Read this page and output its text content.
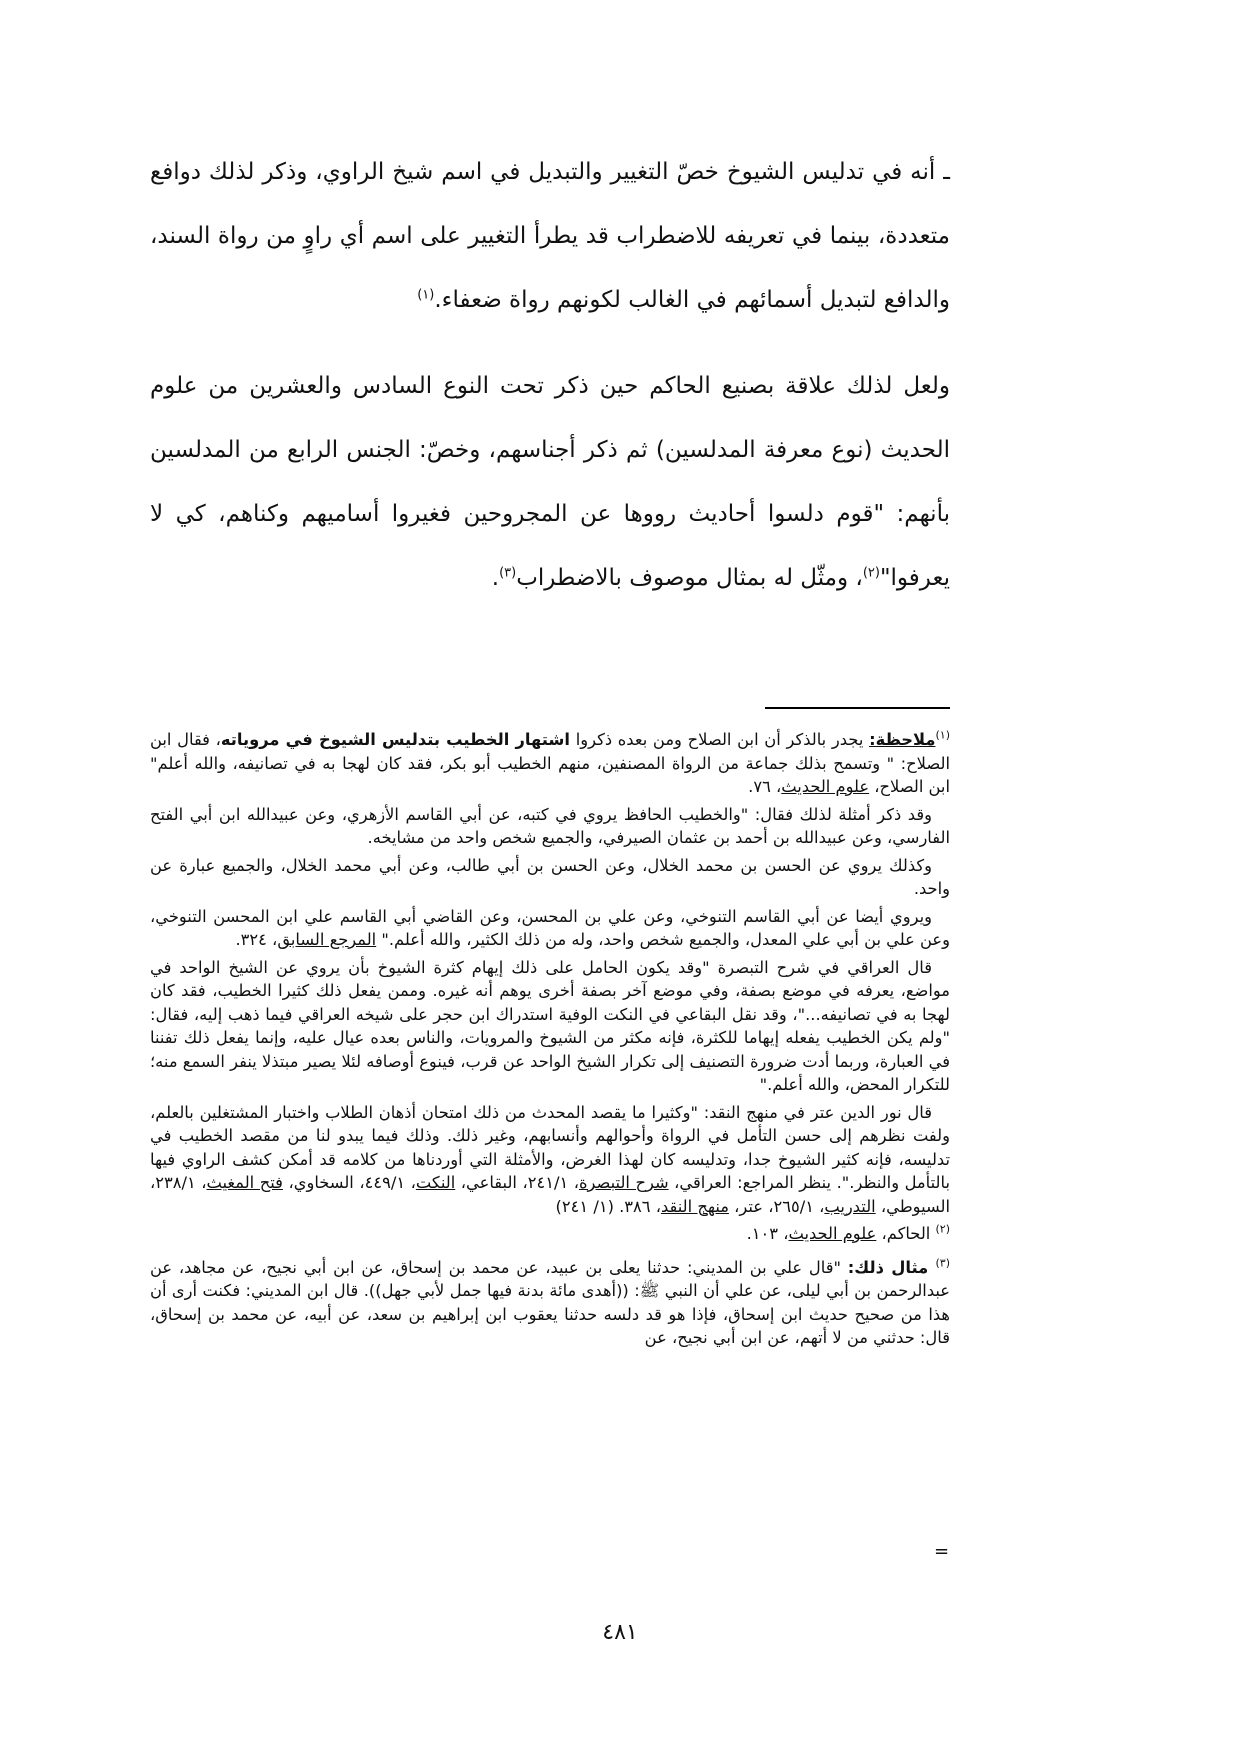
ـ أنه في تدليس الشيوخ خصّ التغيير والتبديل في اسم شيخ الراوي، وذكر لذلك دوافع متعددة، بينما في تعريفه للاضطراب قد يطرأ التغيير على اسم أي راوٍ من رواة السند، والدافع لتبديل أسمائهم في الغالب لكونهم رواة ضعفاء.$^{(١)}$

ولعل لذلك علاقة بصنيع الحاكم حين ذكر تحت النوع السادس والعشرين من علوم الحديث (نوع معرفة المدلسين) ثم ذكر أجناسهم، وخصّ: الجنس الرابع من المدلسين بأنهم: "قوم دلسوا أحاديث رووها عن المجروحين فغيروا أساميهم وكناهم، كي لا يعرفوا"$^{(٢)}$، ومثّل له بمثال موصوف بالاضطراب$^{(٣)}$.

$^{(١)}$ملاحظة: يجدر بالذكر أن ابن الصلاح ومن بعده ذكروا اشتهار الخطيب بتدليس الشيوخ في مروياته، فقال ابن الصلاح: " وتسمح بذلك جماعة من الرواة المصنفين، منهم الخطيب أبو بكر، فقد كان لهجا به في تصانيفه، والله أعلم" ابن الصلاح، علوم الحديث، ٧٦.

وقد ذكر أمثلة لذلك فقال: "والخطيب الحافظ يروي في كتبه، عن أبي القاسم الأزهري، وعن عبيدالله ابن أبي الفتح الفارسي، وعن عبيدالله بن أحمد بن عثمان الصيرفي، والجميع شخص واحد من مشايخه.

وكذلك يروي عن الحسن بن محمد الخلال، وعن الحسن بن أبي طالب، وعن أبي محمد الخلال، والجميع عبارة عن واحد.

ويروي أيضا عن أبي القاسم التنوخي، وعن علي بن المحسن، وعن القاضي أبي القاسم علي ابن المحسن التنوخي، وعن علي بن أبي علي المعدل، والجميع شخص واحد، وله من ذلك الكثير، والله أعلم." المرجع السابق، ٣٢٤.

قال العراقي في شرح التبصرة "وقد يكون الحامل على ذلك إيهام كثرة الشيوخ بأن يروي عن الشيخ الواحد في مواضع، يعرفه في موضع بصفة، وفي موضع آخر بصفة أخرى يوهم أنه غيره. وممن يفعل ذلك كثيرا الخطيب، فقد كان لهجا به في تصانيفه..."، وقد نقل البقاعي في النكت الوفية استدراك ابن حجر على شيخه العراقي فيما ذهب إليه، فقال: "ولم يكن الخطيب يفعله إيهاما للكثرة، فإنه مكثر من الشيوخ والمرويات، والناس بعده عيال عليه، وإنما يفعل ذلك تفننا في العبارة، وربما أدت ضرورة التصنيف إلى تكرار الشيخ الواحد عن قرب، فينوع أوصافه لئلا يصير مبتذلا ينفر السمع منه؛ للتكرار المحض، والله أعلم."

قال نور الدين عتر في منهج النقد: "وكثيرا ما يقصد المحدث من ذلك امتحان أذهان الطلاب واختبار المشتغلين بالعلم، ولفت نظرهم إلى حسن التأمل في الرواة وأحوالهم وأنسابهم، وغير ذلك. وذلك فيما يبدو لنا من مقصد الخطيب في تدليسه، فإنه كثير الشيوخ جدا، وتدليسه كان لهذا الغرض، والأمثلة التي أوردناها من كلامه قد أمكن كشف الراوي فيها بالتأمل والنظر.". ينظر المراجع: العراقي، شرح التبصرة، ٢٤١/١، البقاعي، النكت، ٤٤٩/١، السخاوي، فتح المغيث، ٢٣٨/١، السيوطي، التدريب، ٢٦٥/١، عتر، منهج النقد، ٣٨٦. (١/ ٢٤١)

$^{(٢)}$ الحاكم، علوم الحديث، ١٠٣.

$^{(٣)}$ مثال ذلك: "قال علي بن المديني: حدثنا يعلى بن عبيد، عن محمد بن إسحاق، عن ابن أبي نجيح، عن مجاهد، عن عبدالرحمن بن أبي ليلى، عن علي أن النبي ﷺ: ((أهدى مائة بدنة فيها جمل لأبي جهل)). قال ابن المديني: فكنت أرى أن هذا من صحيح حديث ابن إسحاق، فإذا هو قد دلسه حدثنا يعقوب ابن إبراهيم بن سعد، عن أبيه، عن محمد بن إسحاق، قال: حدثني من لا أتهم، عن ابن أبي نجيح، عن

=
٤٨١
